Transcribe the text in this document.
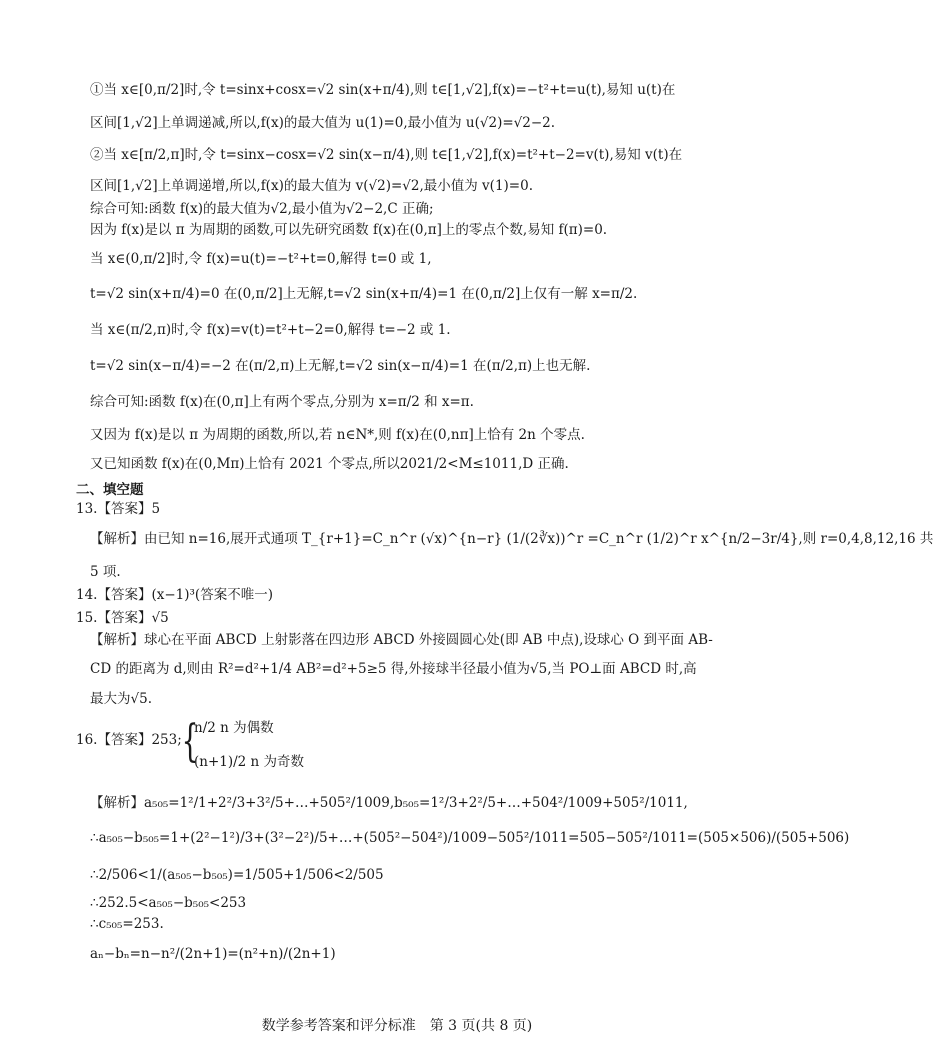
①当 x∈[0,π/2]时,令 t=sinx+cosx=√2 sin(x+π/4),则 t∈[1,√2],f(x)=−t²+t=u(t),易知 u(t)在
区间[1,√2]上单调递减,所以,f(x)的最大值为 u(1)=0,最小值为 u(√2)=√2−2.
②当 x∈[π/2,π]时,令 t=sinx−cosx=√2 sin(x−π/4),则 t∈[1,√2],f(x)=t²+t−2=v(t),易知 v(t)在
区间[1,√2]上单调递增,所以,f(x)的最大值为 v(√2)=√2,最小值为 v(1)=0.
综合可知:函数 f(x)的最大值为√2,最小值为√2−2,C 正确;
因为 f(x)是以 π 为周期的函数,可以先研究函数 f(x)在(0,π]上的零点个数,易知 f(π)=0.
当 x∈(0,π/2]时,令 f(x)=u(t)=−t²+t=0,解得 t=0 或 1,
t=√2 sin(x+π/4)=0 在(0,π/2]上无解,t=√2 sin(x+π/4)=1 在(0,π/2]上仅有一解 x=π/2.
当 x∈(π/2,π)时,令 f(x)=v(t)=t²+t−2=0,解得 t=−2 或 1.
t=√2 sin(x−π/4)=−2 在(π/2,π)上无解,t=√2 sin(x−π/4)=1 在(π/2,π)上也无解.
综合可知:函数 f(x)在(0,π]上有两个零点,分别为 x=π/2 和 x=π.
又因为 f(x)是以 π 为周期的函数,所以,若 n∈N*,则 f(x)在(0,nπ]上恰有 2n 个零点.
又已知函数 f(x)在(0,Mπ)上恰有 2021 个零点,所以2021/2<M≤1011,D 正确.
二、填空题
13.【答案】5
【解析】由已知 n=16,展开式通项 T_{r+1}=C_n^r (√x)^{n−r} (1/(2∛x))^r =C_n^r (1/2)^r x^{n/2−3r/4},则 r=0,4,8,12,16 共
5 项.
14.【答案】(x−1)³(答案不唯一)
15.【答案】√5
【解析】球心在平面 ABCD 上射影落在四边形 ABCD 外接圆圆心处(即 AB 中点),设球心 O 到平面 AB-
CD 的距离为 d,则由 R²=d²+1/4 AB²=d²+5≥5 得,外接球半径最小值为√5,当 PO⊥面 ABCD 时,高
最大为√5.
16.【答案】253; {
n/2 n 为偶数
(n+1)/2 n 为奇数
【解析】a₅₀₅=1²/1+2²/3+3²/5+…+505²/1009,b₅₀₅=1²/3+2²/5+…+504²/1009+505²/1011,
∴a₅₀₅−b₅₀₅=1+(2²−1²)/3+(3²−2²)/5+…+(505²−504²)/1009−505²/1011=505−505²/1011=(505×506)/(505+506)
∴2/506<1/(a₅₀₅−b₅₀₅)=1/505+1/506<2/505
∴252.5<a₅₀₅−b₅₀₅<253
∴c₅₀₅=253.
aₙ−bₙ=n−n²/(2n+1)=(n²+n)/(2n+1)
数学参考答案和评分标准　第 3 页(共 8 页)
